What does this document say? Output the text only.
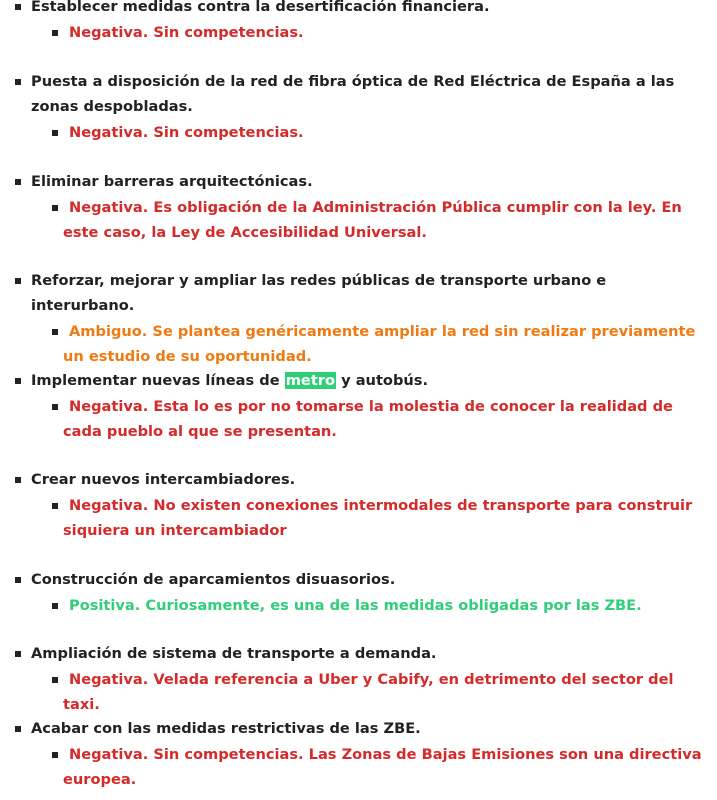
Establecer medidas contra la desertificación financiera.
Negativa. Sin competencias.
Puesta a disposición de la red de fibra óptica de Red Eléctrica de España a las zonas despobladas.
Negativa. Sin competencias.
Eliminar barreras arquitectónicas.
Negativa. Es obligación de la Administración Pública cumplir con la ley. En este caso, la Ley de Accesibilidad Universal.
Reforzar, mejorar y ampliar las redes públicas de transporte urbano e interurbano.
Ambiguo. Se plantea genéricamente ampliar la red sin realizar previamente un estudio de su oportunidad.
Implementar nuevas líneas de metro y autobús.
Negativa. Esta lo es por no tomarse la molestia de conocer la realidad de cada pueblo al que se presentan.
Crear nuevos intercambiadores.
Negativa. No existen conexiones intermodales de transporte para construir siquiera un intercambiador
Construcción de aparcamientos disuasorios.
Positiva. Curiosamente, es una de las medidas obligadas por las ZBE.
Ampliación de sistema de transporte a demanda.
Negativa. Velada referencia a Uber y Cabify, en detrimento del sector del taxi.
Acabar con las medidas restrictivas de las ZBE.
Negativa. Sin competencias. Las Zonas de Bajas Emisiones son una directiva europea.
